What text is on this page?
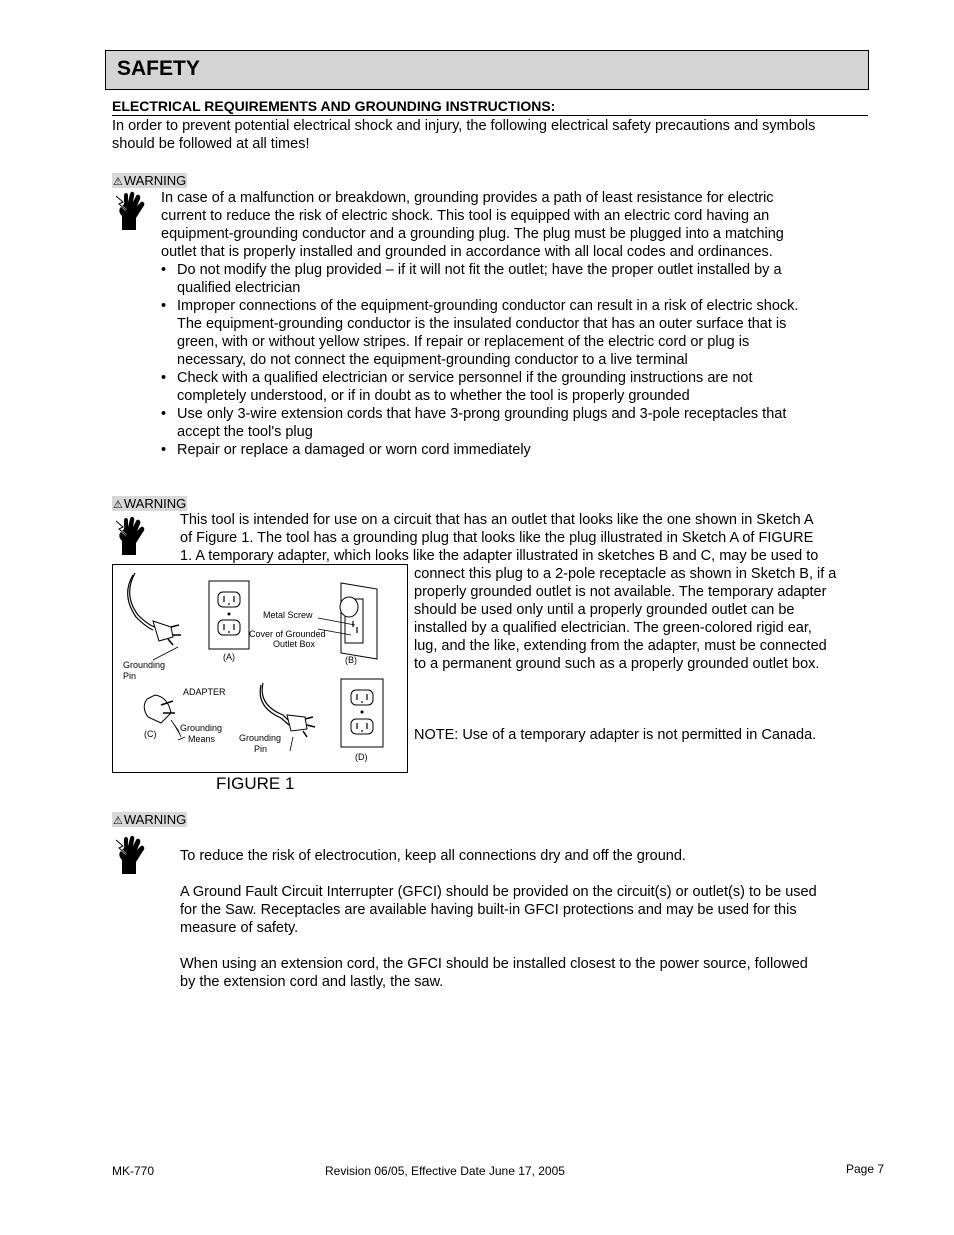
SAFETY
ELECTRICAL REQUIREMENTS AND GROUNDING INSTRUCTIONS:
In order to prevent potential electrical shock and injury, the following electrical safety precautions and symbols
should be followed at all times!
⚠WARNING
In case of a malfunction or breakdown, grounding provides a path of least resistance for electric
current to reduce the risk of electric shock. This tool is equipped with an electric cord having an
equipment-grounding conductor and a grounding plug. The plug must be plugged into a matching
outlet that is properly installed and grounded in accordance with all local codes and ordinances.
• Do not modify the plug provided – if it will not fit the outlet; have the proper outlet installed by a
qualified electrician
• Improper connections of the equipment-grounding conductor can result in a risk of electric shock.
The equipment-grounding conductor is the insulated conductor that has an outer surface that is
green, with or without yellow stripes. If repair or replacement of the electric cord or plug is
necessary, do not connect the equipment-grounding conductor to a live terminal
• Check with a qualified electrician or service personnel if the grounding instructions are not
completely understood, or if in doubt as to whether the tool is properly grounded
• Use only 3-wire extension cords that have 3-prong grounding plugs and 3-pole receptacles that
accept the tool's plug
• Repair or replace a damaged or worn cord immediately
⚠WARNING
This tool is intended for use on a circuit that has an outlet that looks like the one shown in Sketch A
of Figure 1. The tool has a grounding plug that looks like the plug illustrated in Sketch A of FIGURE
1. A temporary adapter, which looks like the adapter illustrated in sketches B and C, may be used to
connect this plug to a 2-pole receptacle as shown in Sketch B, if a
properly grounded outlet is not available. The temporary adapter
should be used only until a properly grounded outlet can be
installed by a qualified electrician. The green-colored rigid ear,
lug, and the like, extending from the adapter, must be connected
to a permanent ground such as a properly grounded outlet box.
NOTE: Use of a temporary adapter is not permitted in Canada.
Metal Screw
Cover of Grounded
Outlet Box
(A)	(B)
Grounding
Pin
ADAPTER
Grounding
Means
(C)	Grounding
Pin
(D)
FIGURE 1
⚠WARNING
To reduce the risk of electrocution, keep all connections dry and off the ground.
A Ground Fault Circuit Interrupter (GFCI) should be provided on the circuit(s) or outlet(s) to be used
for the Saw. Receptacles are available having built-in GFCI protections and may be used for this
measure of safety.
When using an extension cord, the GFCI should be installed closest to the power source, followed
by the extension cord and lastly, the saw.
MK-770	Revision 06/05, Effective Date June 17, 2005	Page 7
